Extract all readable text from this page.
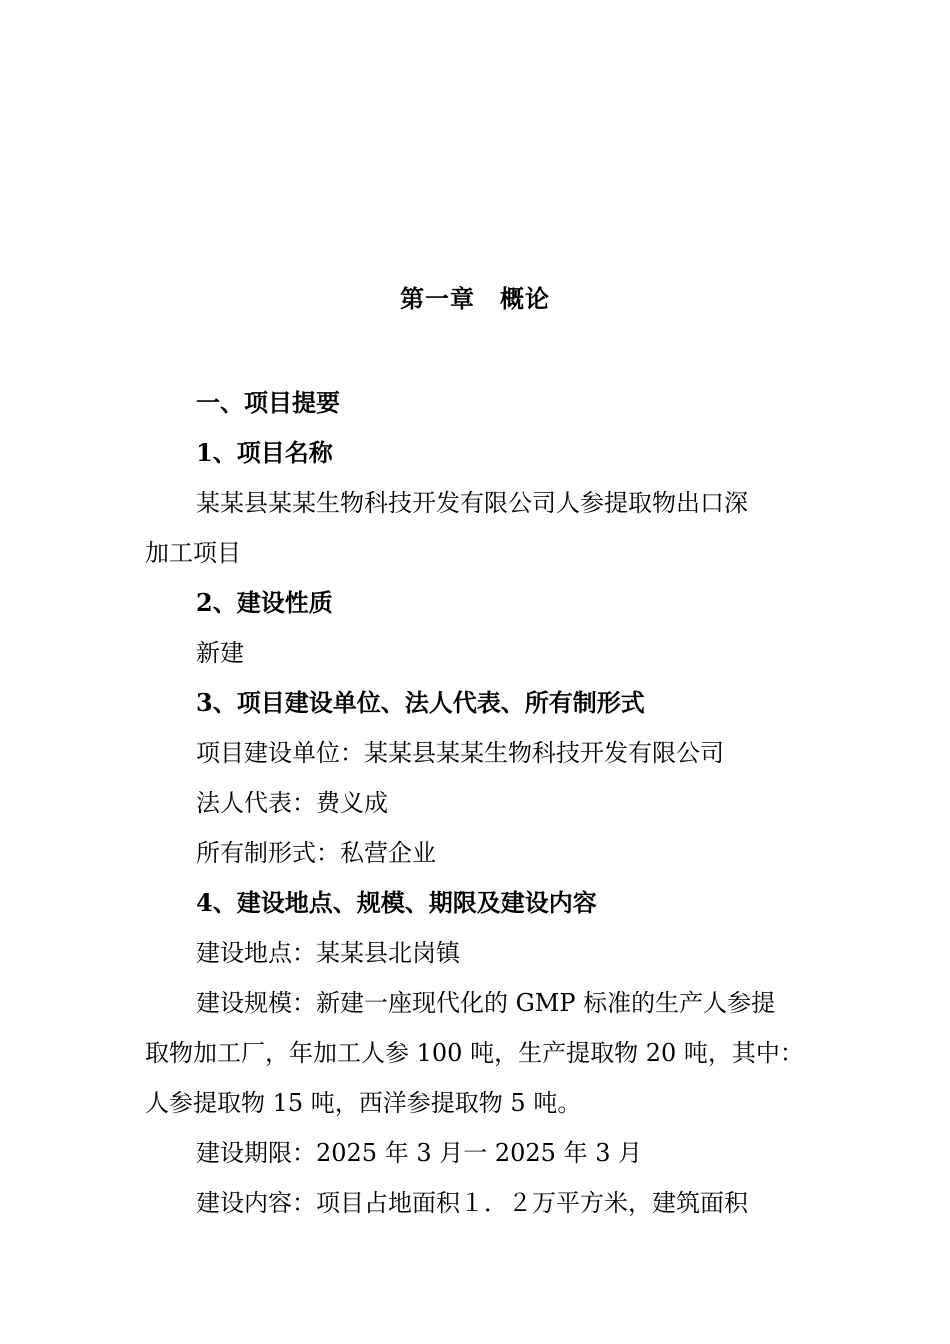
第一章　概论
一、项目提要
1、项目名称
某某县某某生物科技开发有限公司人参提取物出口深
加工项目
2、建设性质
新建
3、项目建设单位、法人代表、所有制形式
项目建设单位：某某县某某生物科技开发有限公司
法人代表：费义成
所有制形式：私营企业
4、建设地点、规模、期限及建设内容
建设地点：某某县北岗镇
建设规模：新建一座现代化的 GMP 标准的生产人参提
取物加工厂，年加工人参 100 吨，生产提取物 20 吨，其中：
人参提取物 15 吨，西洋参提取物 5 吨。
建设期限：2025 年 3 月一 2025 年 3 月
建设内容：项目占地面积１．２万平方米，建筑面积
